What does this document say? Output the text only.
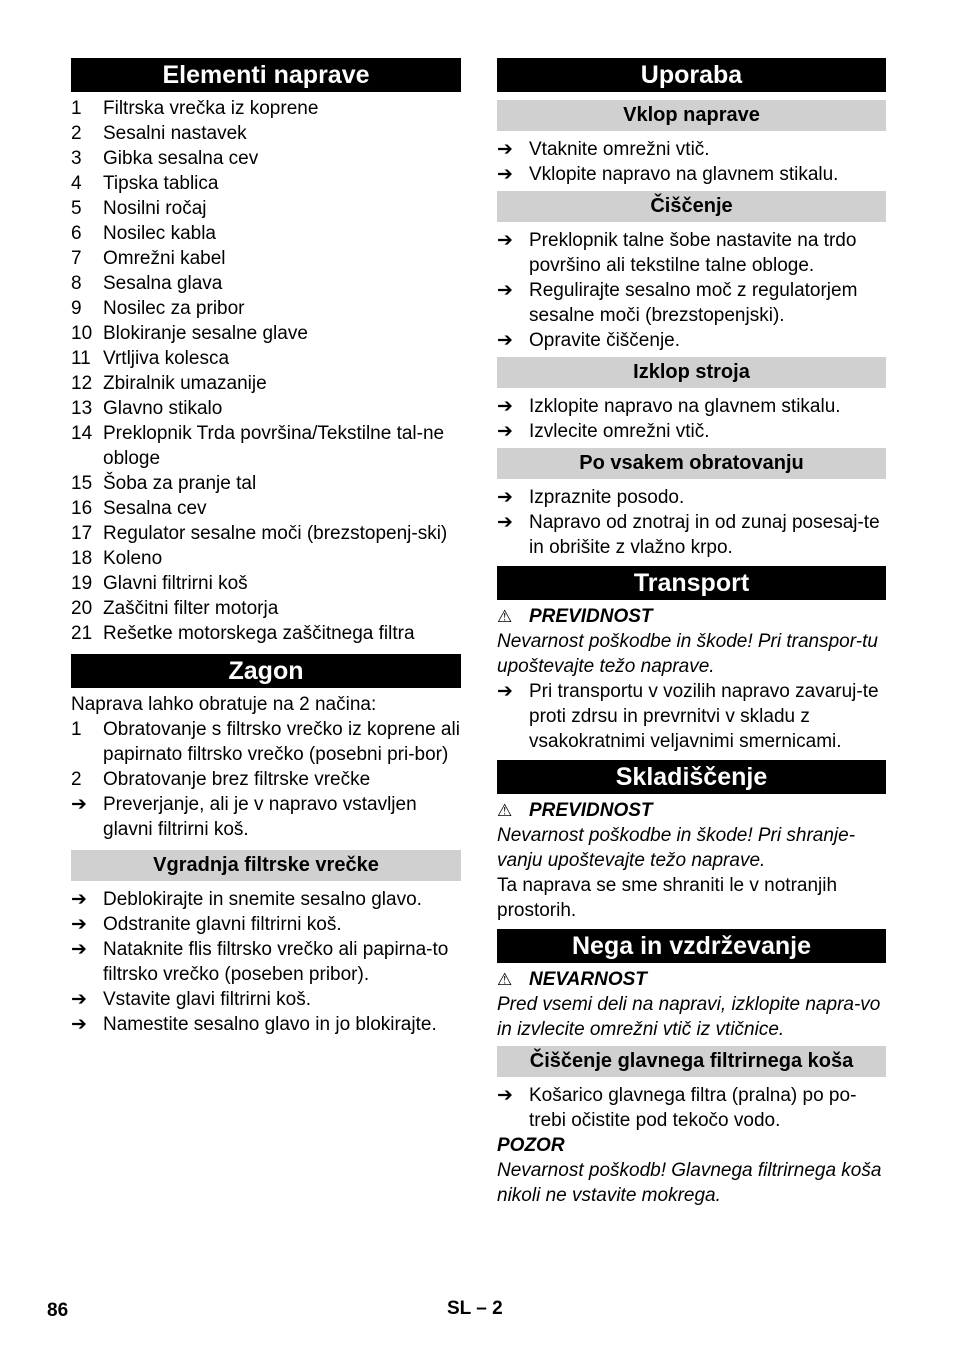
Elementi naprave
1	Filtrska vrečka iz koprene
2	Sesalni nastavek
3	Gibka sesalna cev
4	Tipska tablica
5	Nosilni ročaj
6	Nosilec kabla
7	Omrežni kabel
8	Sesalna glava
9	Nosilec za pribor
10 Blokiranje sesalne glave
11 Vrtljiva kolesca
12 Zbiralnik umazanije
13 Glavno stikalo
14 Preklopnik Trda površina/Tekstilne tal-ne obloge
15 Šoba za pranje tal
16 Sesalna cev
17 Regulator sesalne moči (brezstopenj-ski)
18 Koleno
19 Glavni filtrirni koš
20 Zaščitni filter motorja
21 Rešetke motorskega zaščitnega filtra
Zagon

Naprava lahko obratuje na 2 načina:

1	Obratovanje s filtrsko vrečko iz koprene ali papirnato filtrsko vrečko (posebni pri-bor)
2	Obratovanje brez filtrske vrečke
➔ Preverjanje, ali je v napravo vstavljen glavni filtrirni koš.
Vgradnja filtrske vrečke
➔ Deblokirajte in snemite sesalno glavo.
➔ Odstranite glavni filtrirni koš.
➔ Nataknite flis filtrsko vrečko ali papirna-to filtrsko vrečko (poseben pribor).
➔ Vstavite glavi filtrirni koš.
➔ Namestite sesalno glavo in jo blokirajte.
Uporaba
Vklop naprave
➔ Vtaknite omrežni vtič.
➔ Vklopite napravo na glavnem stikalu.
Čiščenje
➔ Preklopnik talne šobe nastavite na trdo površino ali tekstilne talne obloge.
➔ Regulirajte sesalno moč z regulatorjem sesalne moči (brezstopenjski).
➔ Opravite čiščenje.
Izklop stroja
➔ Izklopite napravo na glavnem stikalu.
➔ Izvlecite omrežni vtič.
Po vsakem obratovanju
➔ Izpraznite posodo.
➔ Napravo od znotraj in od zunaj posesaj-te in obrišite z vlažno krpo.
Transport
⚠ PREVIDNOST

Nevarnost poškodbe in škode! Pri transpor-tu upoštevajte težo naprave.

➔ Pri transportu v vozilih napravo zavaruj-te proti zdrsu in prevrnitvi v skladu z vsakokratnimi veljavnimi smernicami.
Skladiščenje
⚠ PREVIDNOST

Nevarnost poškodbe in škode! Pri shranje-vanju upoštevajte težo naprave.

Ta naprava se sme shraniti le v notranjih prostorih.

Nega in vzdrževanje
⚠ NEVARNOST

Pred vsemi deli na napravi, izklopite napra-vo in izvlecite omrežni vtič iz vtičnice.

Čiščenje glavnega filtrirnega koša
➔ Košarico glavnega filtra (pralna) po po-trebi očistite pod tekočo vodo.

POZOR

Nevarnost poškodb! Glavnega filtrirnega koša nikoli ne vstavite mokrega.

86	SL – 2
